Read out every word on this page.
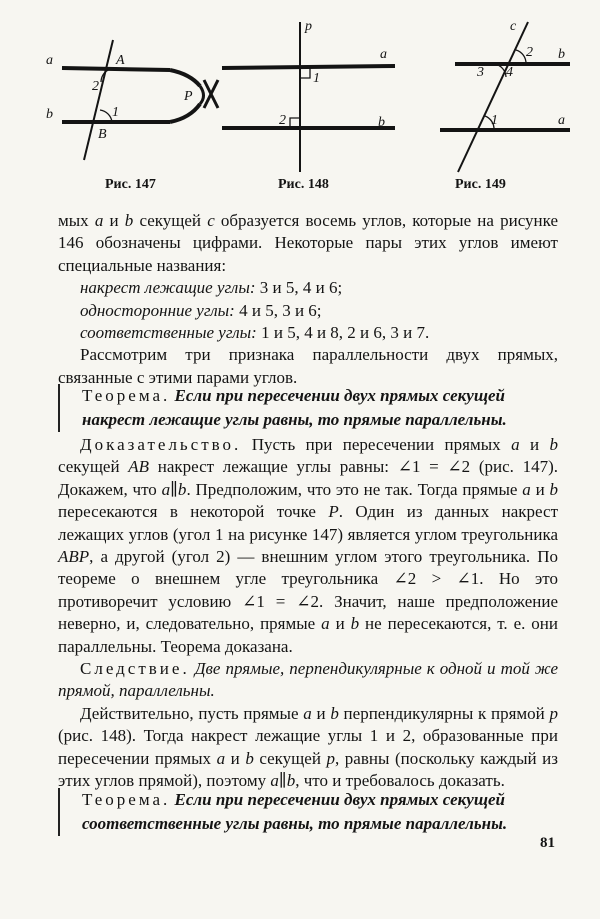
a
b
A
B
P
2
1
p
a
b
1
2
c
b
a
2
3 4
1
Рис. 147	Рис. 148	Рис. 149

мых a и b секущей c образуется восемь углов, которые на рисунке 146 обозначены цифрами. Некоторые пары этих углов имеют специальные названия:

накрест лежащие углы: 3 и 5, 4 и 6;

односторонние углы: 4 и 5, 3 и 6;

соответственные углы: 1 и 5, 4 и 8, 2 и 6, 3 и 7.

Рассмотрим три признака параллельности двух прямых, связанные с этими парами углов.

Теорема. Если при пересечении двух прямых секущей накрест лежащие углы равны, то прямые параллельны.

Доказательство. Пусть при пересечении прямых a и b секущей AB накрест лежащие углы равны: ∠1 = ∠2 (рис. 147). Докажем, что a∥b. Предположим, что это не так. Тогда прямые a и b пересекаются в некоторой точке P. Один из данных накрест лежащих углов (угол 1 на рисунке 147) является углом треугольника ABP, а другой (угол 2) — внешним углом этого треугольника. По теореме о внешнем угле треугольника ∠2 > ∠1. Но это противоречит условию ∠1 = ∠2. Значит, наше предположение неверно, и, следовательно, прямые a и b не пересекаются, т. е. они параллельны. Теорема доказана.

Следствие. Две прямые, перпендикулярные к одной и той же прямой, параллельны.

Действительно, пусть прямые a и b перпендикулярны к прямой p (рис. 148). Тогда накрест лежащие углы 1 и 2, образованные при пересечении прямых a и b секущей p, равны (поскольку каждый из этих углов прямой), поэтому a∥b, что и требовалось доказать.

Теорема. Если при пересечении двух прямых секущей соответственные углы равны, то прямые параллельны.
81
